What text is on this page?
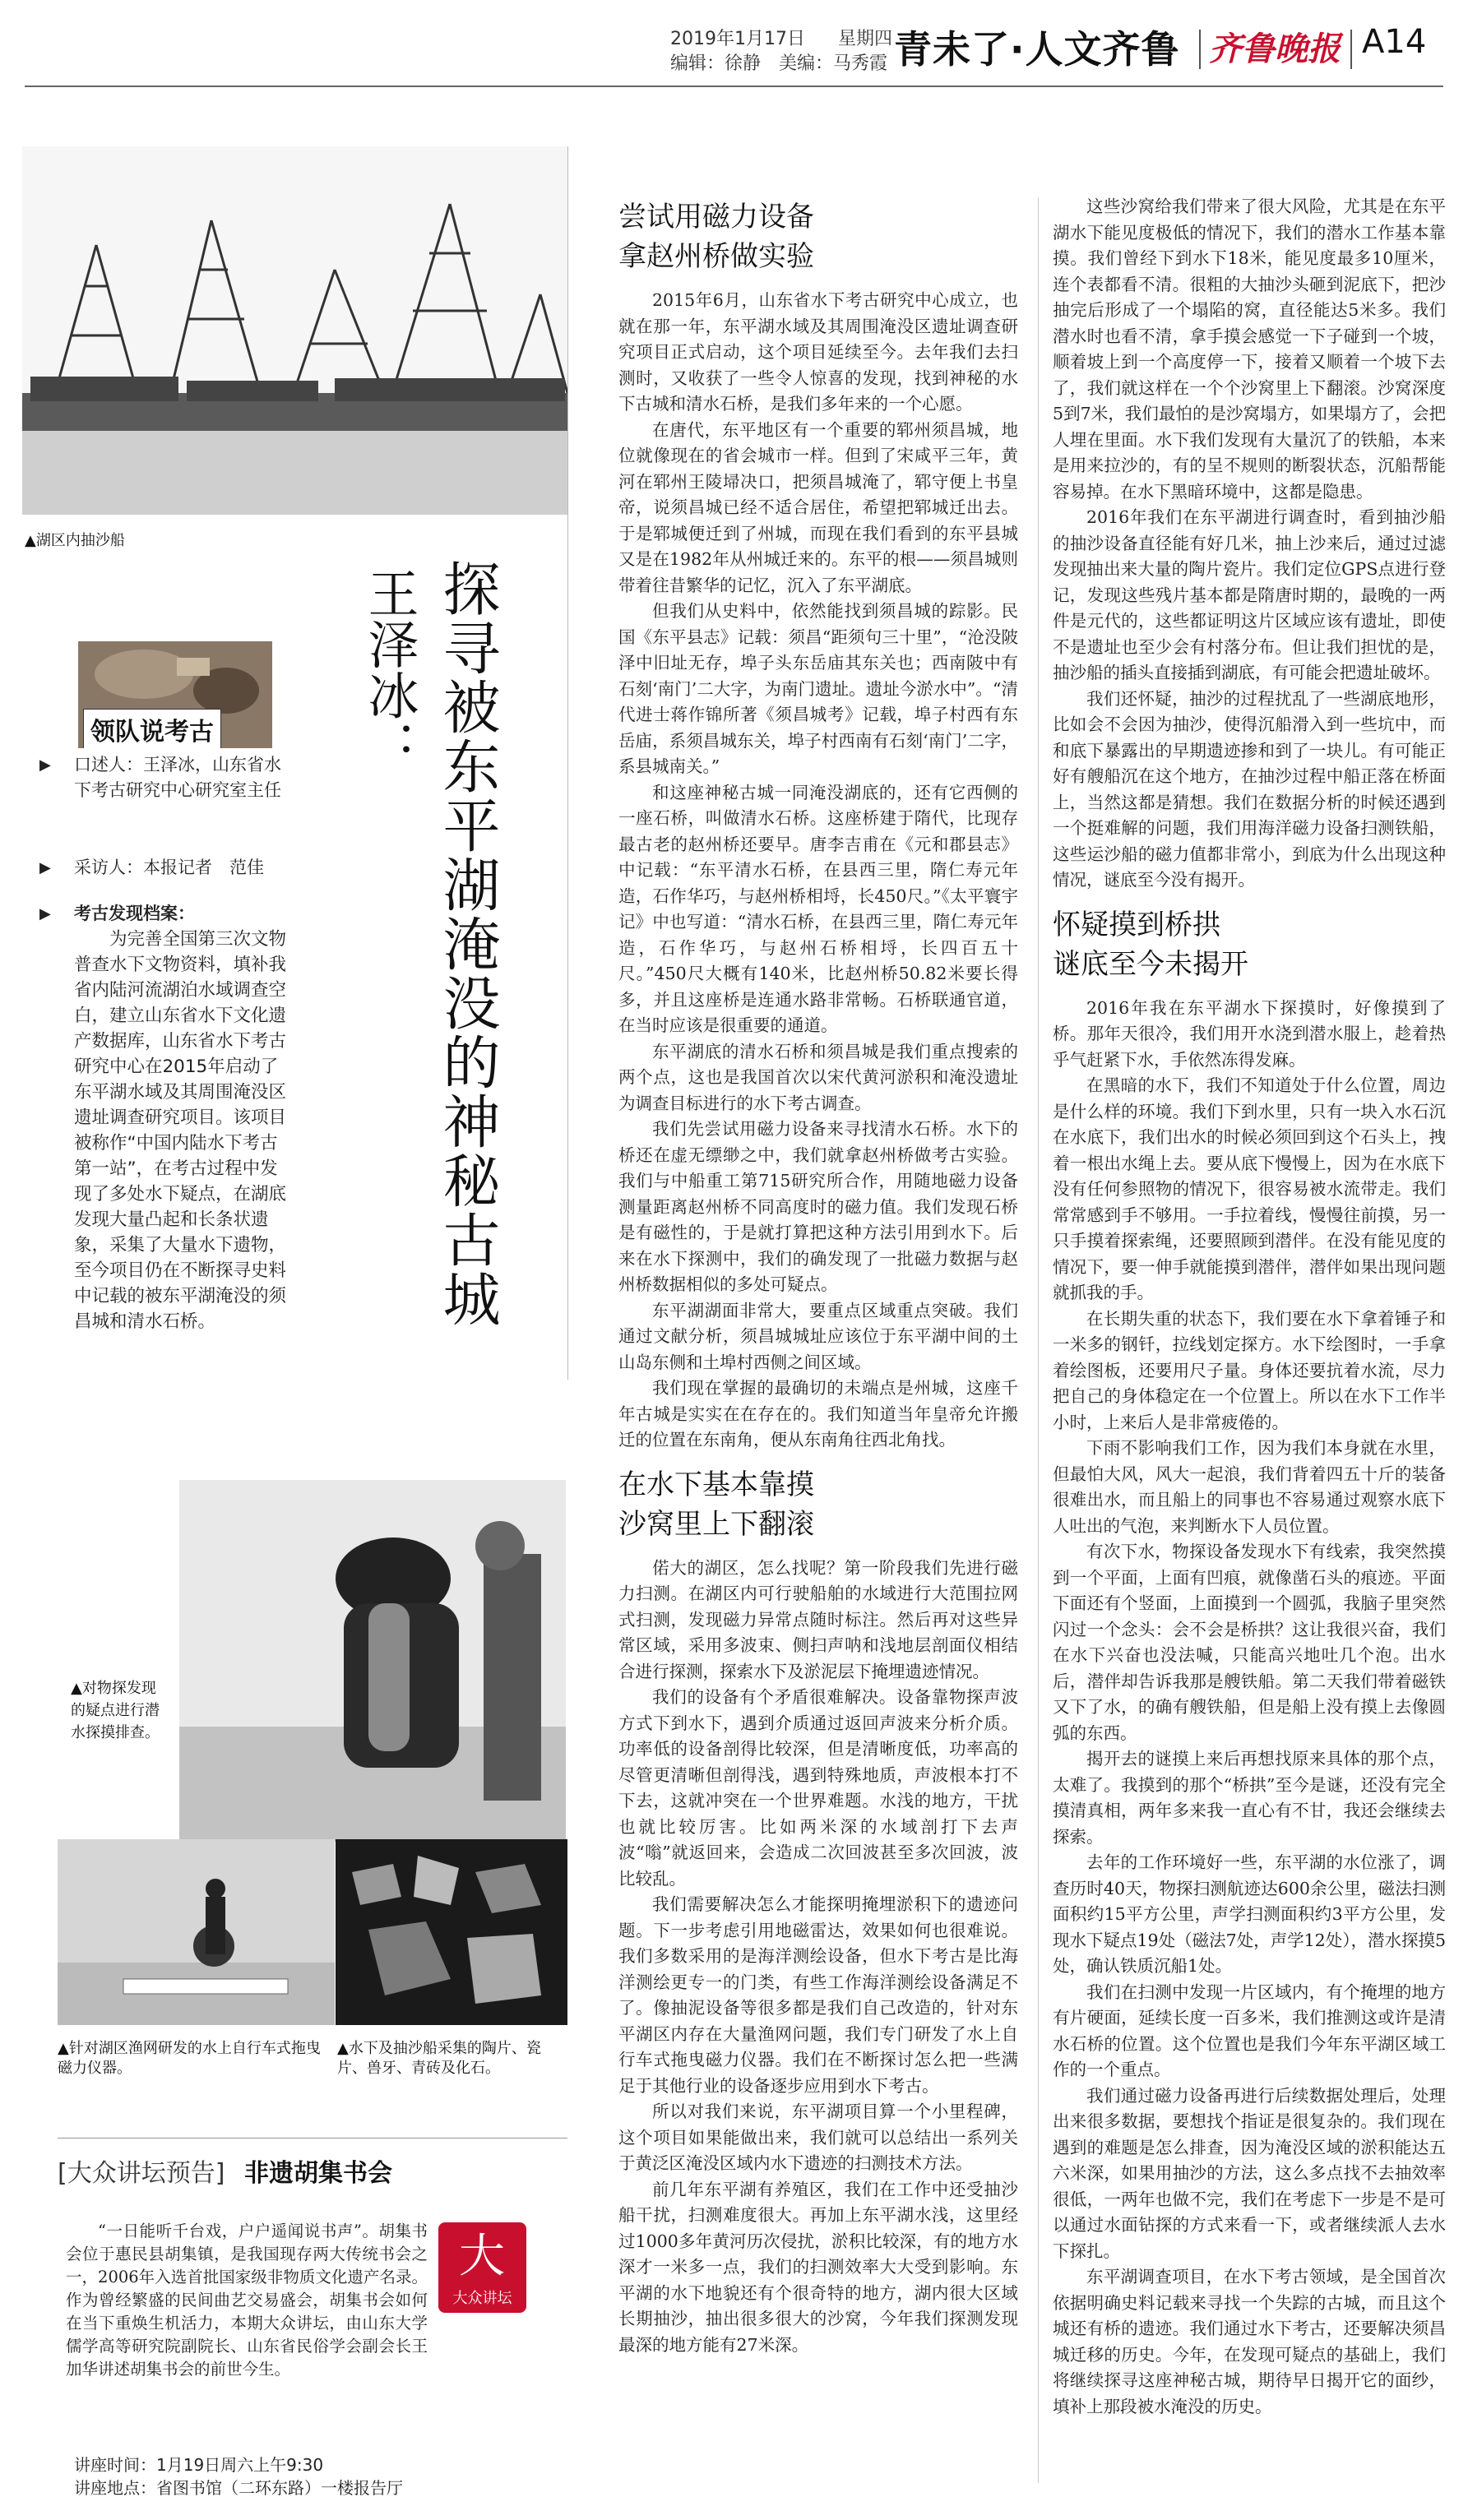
2019年1月17日 星期四
编辑：徐静　美编：马秀霞 青未了·人文齐鲁 齐鲁晚报 A14
▲湖区内抽沙船
领队说考古
▶ 口述人：王泽冰，山东省水下考古研究中心研究室主任
▶ 采访人：本报记者　范佳
▶ 考古发现档案：
为完善全国第三次文物普查水下文物资料，填补我省内陆河流湖泊水域调查空白，建立山东省水下文化遗产数据库，山东省水下考古研究中心在2015年启动了东平湖水域及其周围淹没区遗址调查研究项目。该项目被称作“中国内陆水下考古第一站”，在考古过程中发现了多处水下疑点，在湖底发现大量凸起和长条状遗象，采集了大量水下遗物，至今项目仍在不断探寻史料中记载的被东平湖淹没的须昌城和清水石桥。	探寻被东平湖淹没的神秘古城
王泽冰：
▲对物探发现的疑点进行潜水探摸排查。
▲针对湖区渔网研发的水上自行车式拖曳磁力仪器。
▲水下及抽沙船采集的陶片、瓷片、兽牙、青砖及化石。
[大众讲坛预告] 非遗胡集书会
大
大众讲坛
“一日能听千台戏，户户遥闻说书声”。胡集书会位于惠民县胡集镇，是我国现存两大传统书会之一，2006年入选首批国家级非物质文化遗产名录。作为曾经繁盛的民间曲艺交易盛会，胡集书会如何在当下重焕生机活力，本期大众讲坛，由山东大学儒学高等研究院副院长、山东省民俗学会副会长王加华讲述胡集书会的前世今生。
讲座时间：1月19日周六上午9:30
讲座地点：省图书馆（二环东路）一楼报告厅
尝试用磁力设备
拿赵州桥做实验

2015年6月，山东省水下考古研究中心成立，也就在那一年，东平湖水域及其周围淹没区遗址调查研究项目正式启动，这个项目延续至今。去年我们去扫测时，又收获了一些令人惊喜的发现，找到神秘的水下古城和清水石桥，是我们多年来的一个心愿。

在唐代，东平地区有一个重要的郓州须昌城，地位就像现在的省会城市一样。但到了宋咸平三年，黄河在郓州王陵埽决口，把须昌城淹了，郓守便上书皇帝，说须昌城已经不适合居住，希望把郓城迁出去。于是郓城便迁到了州城，而现在我们看到的东平县城又是在1982年从州城迁来的。东平的根——须昌城则带着往昔繁华的记忆，沉入了东平湖底。

但我们从史料中，依然能找到须昌城的踪影。民国《东平县志》记载：须昌“距须句三十里”，“沧没陂泽中旧址无存，埠子头东岳庙其东关也；西南陂中有石刻‘南门’二大字，为南门遗址。遗址今淤水中”。“清代进士蒋作锦所著《须昌城考》记载，埠子村西有东岳庙，系须昌城东关，埠子村西南有石刻‘南门’二字，系县城南关。”

和这座神秘古城一同淹没湖底的，还有它西侧的一座石桥，叫做清水石桥。这座桥建于隋代，比现存最古老的赵州桥还要早。唐李吉甫在《元和郡县志》中记载：“东平清水石桥，在县西三里，隋仁寿元年造，石作华巧，与赵州桥相埒，长450尺。”《太平寰宇记》中也写道：“清水石桥，在县西三里，隋仁寿元年造，石作华巧，与赵州石桥相埒，长四百五十尺。”450尺大概有140米，比赵州桥50.82米要长得多，并且这座桥是连通水路非常畅。石桥联通官道，在当时应该是很重要的通道。

东平湖底的清水石桥和须昌城是我们重点搜索的两个点，这也是我国首次以宋代黄河淤积和淹没遗址为调查目标进行的水下考古调查。

我们先尝试用磁力设备来寻找清水石桥。水下的桥还在虚无缥缈之中，我们就拿赵州桥做考古实验。我们与中船重工第715研究所合作，用随地磁力设备测量距离赵州桥不同高度时的磁力值。我们发现石桥是有磁性的，于是就打算把这种方法引用到水下。后来在水下探测中，我们的确发现了一批磁力数据与赵州桥数据相似的多处可疑点。

东平湖湖面非常大，要重点区域重点突破。我们通过文献分析，须昌城城址应该位于东平湖中间的土山岛东侧和土埠村西侧之间区域。

我们现在掌握的最确切的未端点是州城，这座千年古城是实实在在存在的。我们知道当年皇帝允许搬迁的位置在东南角，便从东南角往西北角找。

在水下基本靠摸
沙窝里上下翻滚

偌大的湖区，怎么找呢？第一阶段我们先进行磁力扫测。在湖区内可行驶船舶的水域进行大范围拉网式扫测，发现磁力异常点随时标注。然后再对这些异常区域，采用多波束、侧扫声呐和浅地层剖面仪相结合进行探测，探索水下及淤泥层下掩埋遗迹情况。

我们的设备有个矛盾很难解决。设备靠物探声波方式下到水下，遇到介质通过返回声波来分析介质。功率低的设备剖得比较深，但是清晰度低，功率高的尽管更清晰但剖得浅，遇到特殊地质，声波根本打不下去，这就冲突在一个世界难题。水浅的地方，干扰也就比较厉害。比如两米深的水域剖打下去声波“嗡”就返回来，会造成二次回波甚至多次回波，波比较乱。

我们需要解决怎么才能探明掩埋淤积下的遗迹问题。下一步考虑引用地磁雷达，效果如何也很难说。我们多数采用的是海洋测绘设备，但水下考古是比海洋测绘更专一的门类，有些工作海洋测绘设备满足不了。像抽泥设备等很多都是我们自己改造的，针对东平湖区内存在大量渔网问题，我们专门研发了水上自行车式拖曳磁力仪器。我们在不断探讨怎么把一些满足于其他行业的设备逐步应用到水下考古。

所以对我们来说，东平湖项目算一个小里程碑，这个项目如果能做出来，我们就可以总结出一系列关于黄泛区淹没区域内水下遗迹的扫测技术方法。

前几年东平湖有养殖区，我们在工作中还受抽沙船干扰，扫测难度很大。再加上东平湖水浅，这里经过1000多年黄河历次侵扰，淤积比较深，有的地方水深才一米多一点，我们的扫测效率大大受到影响。东平湖的水下地貌还有个很奇特的地方，湖内很大区域长期抽沙，抽出很多很大的沙窝，今年我们探测发现最深的地方能有27米深。

这些沙窝给我们带来了很大风险，尤其是在东平湖水下能见度极低的情况下，我们的潜水工作基本靠摸。我们曾经下到水下18米，能见度最多10厘米，连个表都看不清。很粗的大抽沙头砸到泥底下，把沙抽完后形成了一个塌陷的窝，直径能达5米多。我们潜水时也看不清，拿手摸会感觉一下子碰到一个坡，顺着坡上到一个高度停一下，接着又顺着一个坡下去了，我们就这样在一个个沙窝里上下翻滚。沙窝深度5到7米，我们最怕的是沙窝塌方，如果塌方了，会把人埋在里面。水下我们发现有大量沉了的铁船，本来是用来拉沙的，有的呈不规则的断裂状态，沉船帮能容易掉。在水下黑暗环境中，这都是隐患。

2016年我们在东平湖进行调查时，看到抽沙船的抽沙设备直径能有好几米，抽上沙来后，通过过滤发现抽出来大量的陶片瓷片。我们定位GPS点进行登记，发现这些残片基本都是隋唐时期的，最晚的一两件是元代的，这些都证明这片区域应该有遗址，即使不是遗址也至少会有村落分布。但让我们担忧的是，抽沙船的插头直接插到湖底，有可能会把遗址破坏。

我们还怀疑，抽沙的过程扰乱了一些湖底地形，比如会不会因为抽沙，使得沉船滑入到一些坑中，而和底下暴露出的早期遗迹掺和到了一块儿。有可能正好有艘船沉在这个地方，在抽沙过程中船正落在桥面上，当然这都是猜想。我们在数据分析的时候还遇到一个挺难解的问题，我们用海洋磁力设备扫测铁船，这些运沙船的磁力值都非常小，到底为什么出现这种情况，谜底至今没有揭开。

怀疑摸到桥拱
谜底至今未揭开

2016年我在东平湖水下探摸时，好像摸到了桥。那年天很冷，我们用开水浇到潜水服上，趁着热乎气赶紧下水，手依然冻得发麻。

在黑暗的水下，我们不知道处于什么位置，周边是什么样的环境。我们下到水里，只有一块入水石沉在水底下，我们出水的时候必须回到这个石头上，拽着一根出水绳上去。要从底下慢慢上，因为在水底下没有任何参照物的情况下，很容易被水流带走。我们常常感到手不够用。一手拉着线，慢慢往前摸，另一只手摸着探索绳，还要照顾到潜伴。在没有能见度的情况下，要一伸手就能摸到潜伴，潜伴如果出现问题就抓我的手。

在长期失重的状态下，我们要在水下拿着锤子和一米多的钢钎，拉线划定探方。水下绘图时，一手拿着绘图板，还要用尺子量。身体还要抗着水流，尽力把自己的身体稳定在一个位置上。所以在水下工作半小时，上来后人是非常疲倦的。

下雨不影响我们工作，因为我们本身就在水里，但最怕大风，风大一起浪，我们背着四五十斤的装备很难出水，而且船上的同事也不容易通过观察水底下人吐出的气泡，来判断水下人员位置。

有次下水，物探设备发现水下有线索，我突然摸到一个平面，上面有凹痕，就像凿石头的痕迹。平面下面还有个竖面，上面摸到一个圆弧，我脑子里突然闪过一个念头：会不会是桥拱？这让我很兴奋，我们在水下兴奋也没法喊，只能高兴地吐几个泡。出水后，潜伴却告诉我那是艘铁船。第二天我们带着磁铁又下了水，的确有艘铁船，但是船上没有摸上去像圆弧的东西。

揭开去的谜摸上来后再想找原来具体的那个点，太难了。我摸到的那个“桥拱”至今是谜，还没有完全摸清真相，两年多来我一直心有不甘，我还会继续去探索。

去年的工作环境好一些，东平湖的水位涨了，调查历时40天，物探扫测航迹达600余公里，磁法扫测面积约15平方公里，声学扫测面积约3平方公里，发现水下疑点19处（磁法7处，声学12处），潜水探摸5处，确认铁质沉船1处。

我们在扫测中发现一片区域内，有个掩埋的地方有片硬面，延续长度一百多米，我们推测这或许是清水石桥的位置。这个位置也是我们今年东平湖区域工作的一个重点。

我们通过磁力设备再进行后续数据处理后，处理出来很多数据，要想找个指证是很复杂的。我们现在遇到的难题是怎么排查，因为淹没区域的淤积能达五六米深，如果用抽沙的方法，这么多点找不去抽效率很低，一两年也做不完，我们在考虑下一步是不是可以通过水面钻探的方式来看一下，或者继续派人去水下探扎。

东平湖调查项目，在水下考古领域，是全国首次依据明确史料记载来寻找一个失踪的古城，而且这个城还有桥的遗迹。我们通过水下考古，还要解决须昌城迁移的历史。今年，在发现可疑点的基础上，我们将继续探寻这座神秘古城，期待早日揭开它的面纱，填补上那段被水淹没的历史。
